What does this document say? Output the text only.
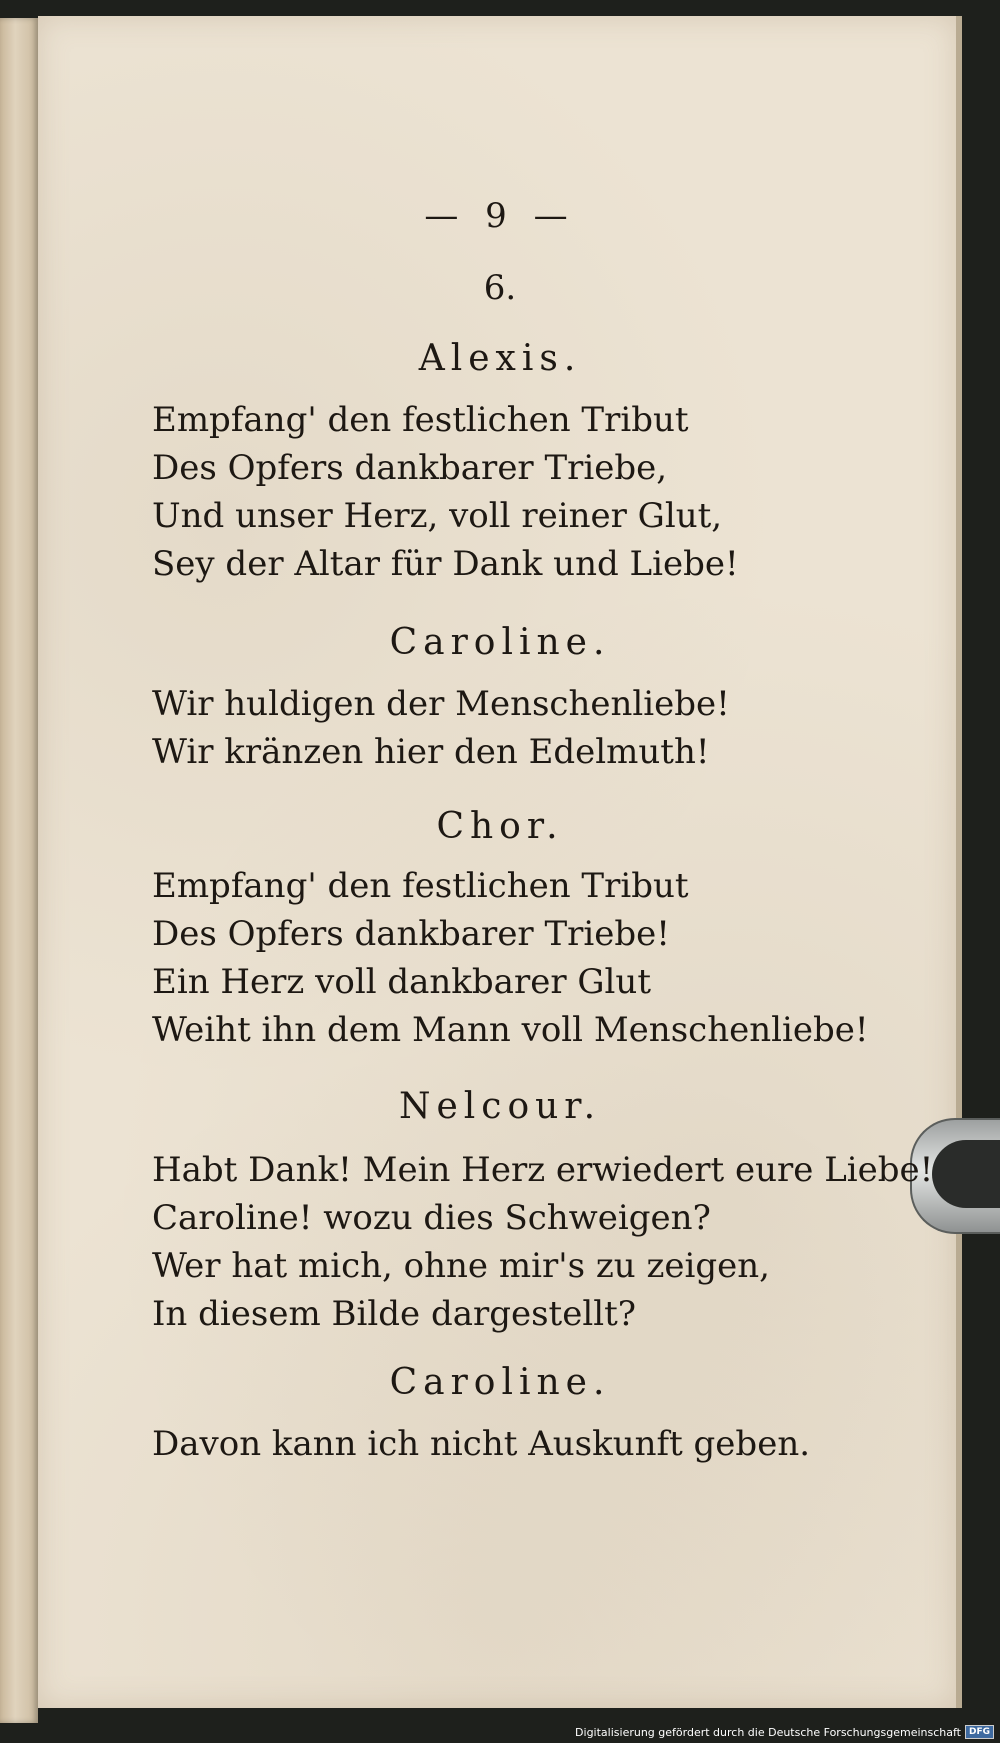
— 9 —
6.
Alexis.
Empfang' den festlichen Tribut
Des Opfers dankbarer Triebe,
Und unser Herz, voll reiner Glut,
Sey der Altar für Dank und Liebe!
Caroline.
Wir huldigen der Menschenliebe!
Wir kränzen hier den Edelmuth!
Chor.
Empfang' den festlichen Tribut
Des Opfers dankbarer Triebe!
Ein Herz voll dankbarer Glut
Weiht ihn dem Mann voll Menschenliebe!
Nelcour.
Habt Dank! Mein Herz erwiedert eure Liebe!
Caroline! wozu dies Schweigen?
Wer hat mich, ohne mir's zu zeigen,
In diesem Bilde dargestellt?
Caroline.
Davon kann ich nicht Auskunft geben.
Digitalisierung gefördert durch die Deutsche Forschungsgemeinschaft DFG
